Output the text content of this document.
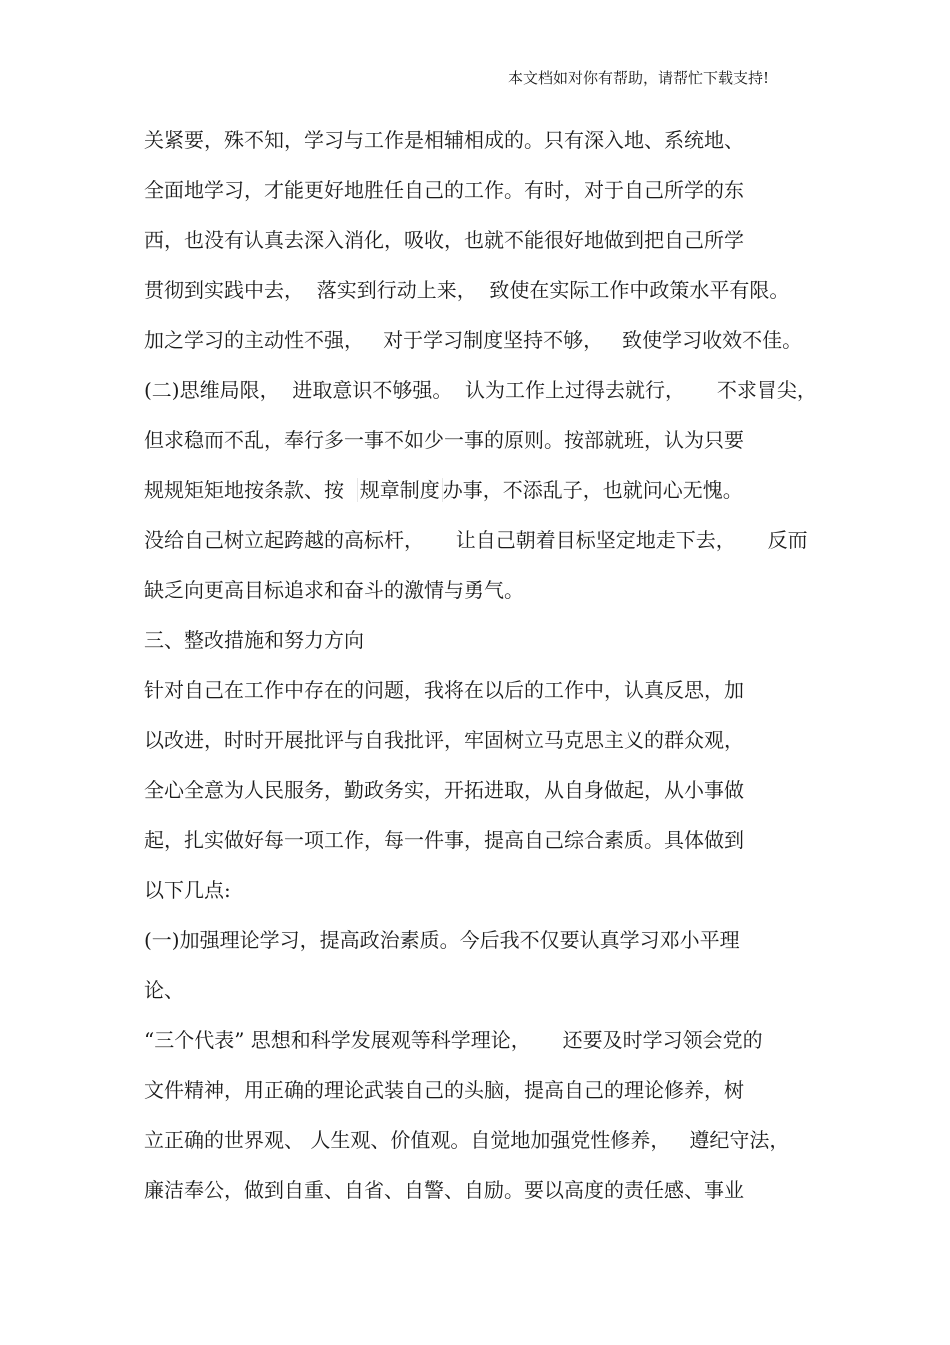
本文档如对你有帮助，请帮忙下载支持!
关紧要，殊不知，学习与工作是相辅相成的。只有深入地、系统地、
全面地学习，才能更好地胜任自己的工作。有时，对于自己所学的东
西，也没有认真去深入消化，吸收，也就不能很好地做到把自己所学
贯彻到实践中去，  落实到行动上来，  致使在实际工作中政策水平有限。
加之学习的主动性不强，   对于学习制度坚持不够，   致使学习收效不佳。
(二)思维局限，  进取意识不够强。  认为工作上过得去就行，     不求冒尖，
但求稳而不乱，奉行多一事不如少一事的原则。按部就班，认为只要
规规矩矩地按条款、按  规章制度 办事，不添乱子，也就问心无愧。
没给自己树立起跨越的高标杆，     让自己朝着目标坚定地走下去，     反而
缺乏向更高目标追求和奋斗的激情与勇气。
三、整改措施和努力方向
针对自己在工作中存在的问题，我将在以后的工作中，认真反思，加
以改进，时时开展批评与自我批评，牢固树立马克思主义的群众观，
全心全意为人民服务，勤政务实，开拓进取，从自身做起，从小事做
起，扎实做好每一项工作，每一件事，提高自己综合素质。具体做到
以下几点:
(一)加强理论学习，提高政治素质。今后我不仅要认真学习邓小平理
论、
“三个代表” 思想和科学发展观等科学理论，     还要及时学习领会党的
文件精神，用正确的理论武装自己的头脑，提高自己的理论修养，树
立正确的世界观、 人生观、价值观。自觉地加强党性修养，   遵纪守法，
廉洁奉公，做到自重、自省、自警、自励。要以高度的责任感、事业
